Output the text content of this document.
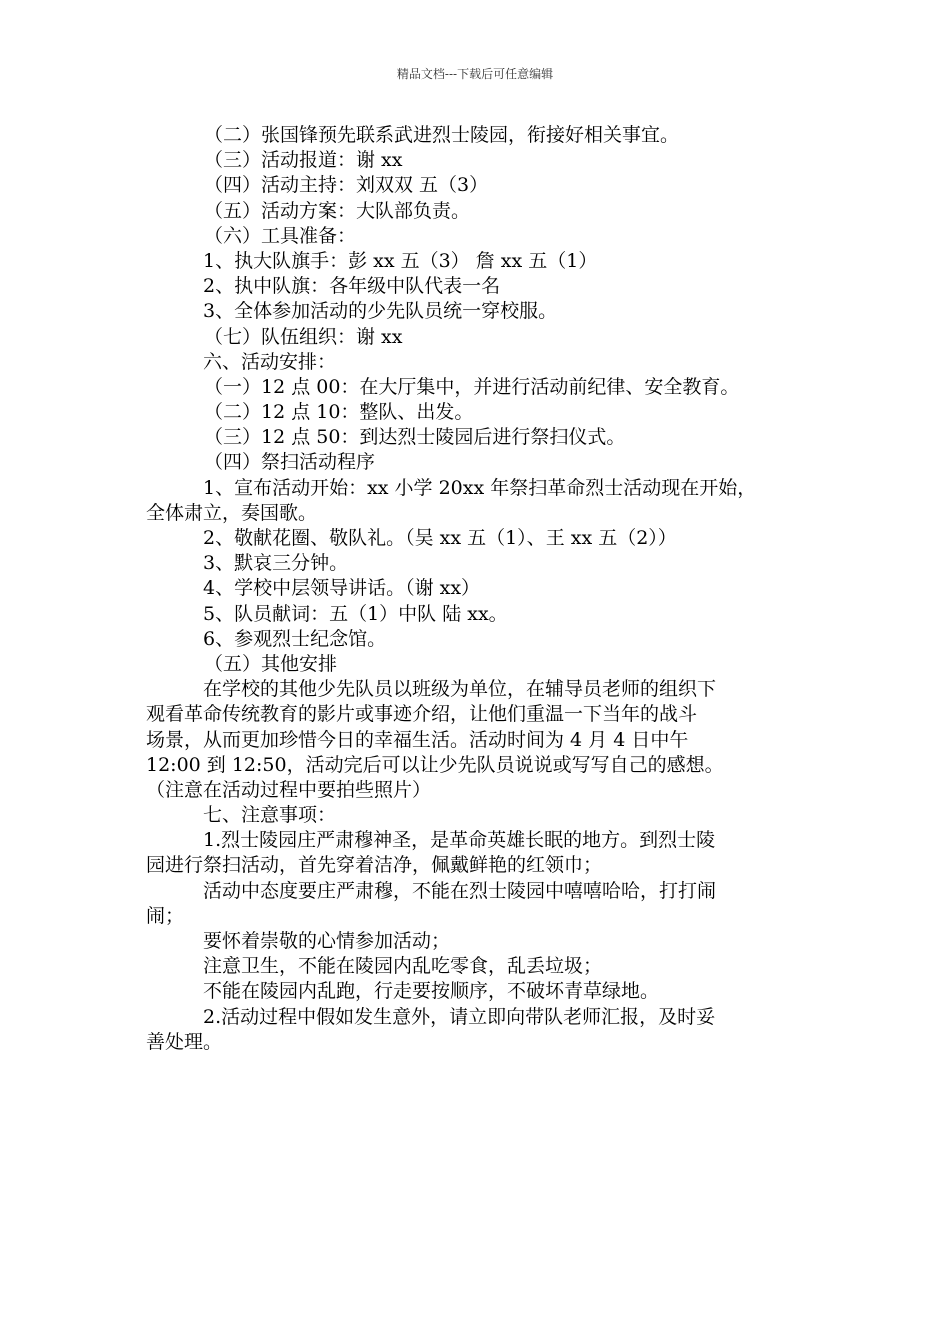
精品文档---下载后可任意编辑
（二）张国锋预先联系武进烈士陵园，衔接好相关事宜。
（三）活动报道：谢 xx
（四）活动主持：刘双双 五（3）
（五）活动方案：大队部负责。
（六）工具准备：
1、执大队旗手：彭 xx 五（3） 詹 xx 五（1）
2、执中队旗：各年级中队代表一名
3、全体参加活动的少先队员统一穿校服。
（七）队伍组织：谢 xx
六、活动安排：
（一）12 点 00：在大厅集中，并进行活动前纪律、安全教育。
（二）12 点 10：整队、出发。
（三）12 点 50：到达烈士陵园后进行祭扫仪式。
（四）祭扫活动程序
1、宣布活动开始：xx 小学 20xx 年祭扫革命烈士活动现在开始，
全体肃立，奏国歌。
2、敬献花圈、敬队礼。（吴 xx 五（1）、王 xx 五（2））
3、默哀三分钟。
4、学校中层领导讲话。（谢 xx）
5、队员献词：五（1）中队 陆 xx。
6、参观烈士纪念馆。
（五）其他安排
在学校的其他少先队员以班级为单位，在辅导员老师的组织下
观看革命传统教育的影片或事迹介绍，让他们重温一下当年的战斗
场景，从而更加珍惜今日的幸福生活。活动时间为 4 月 4 日中午
12:00 到 12:50，活动完后可以让少先队员说说或写写自己的感想。
（注意在活动过程中要拍些照片）
七、注意事项：
1.烈士陵园庄严肃穆神圣，是革命英雄长眠的地方。到烈士陵
园进行祭扫活动，首先穿着洁净，佩戴鲜艳的红领巾；
活动中态度要庄严肃穆，不能在烈士陵园中嘻嘻哈哈，打打闹
闹；
要怀着崇敬的心情参加活动；
注意卫生，不能在陵园内乱吃零食，乱丢垃圾；
不能在陵园内乱跑，行走要按顺序，不破坏青草绿地。
2.活动过程中假如发生意外，请立即向带队老师汇报，及时妥
善处理。
